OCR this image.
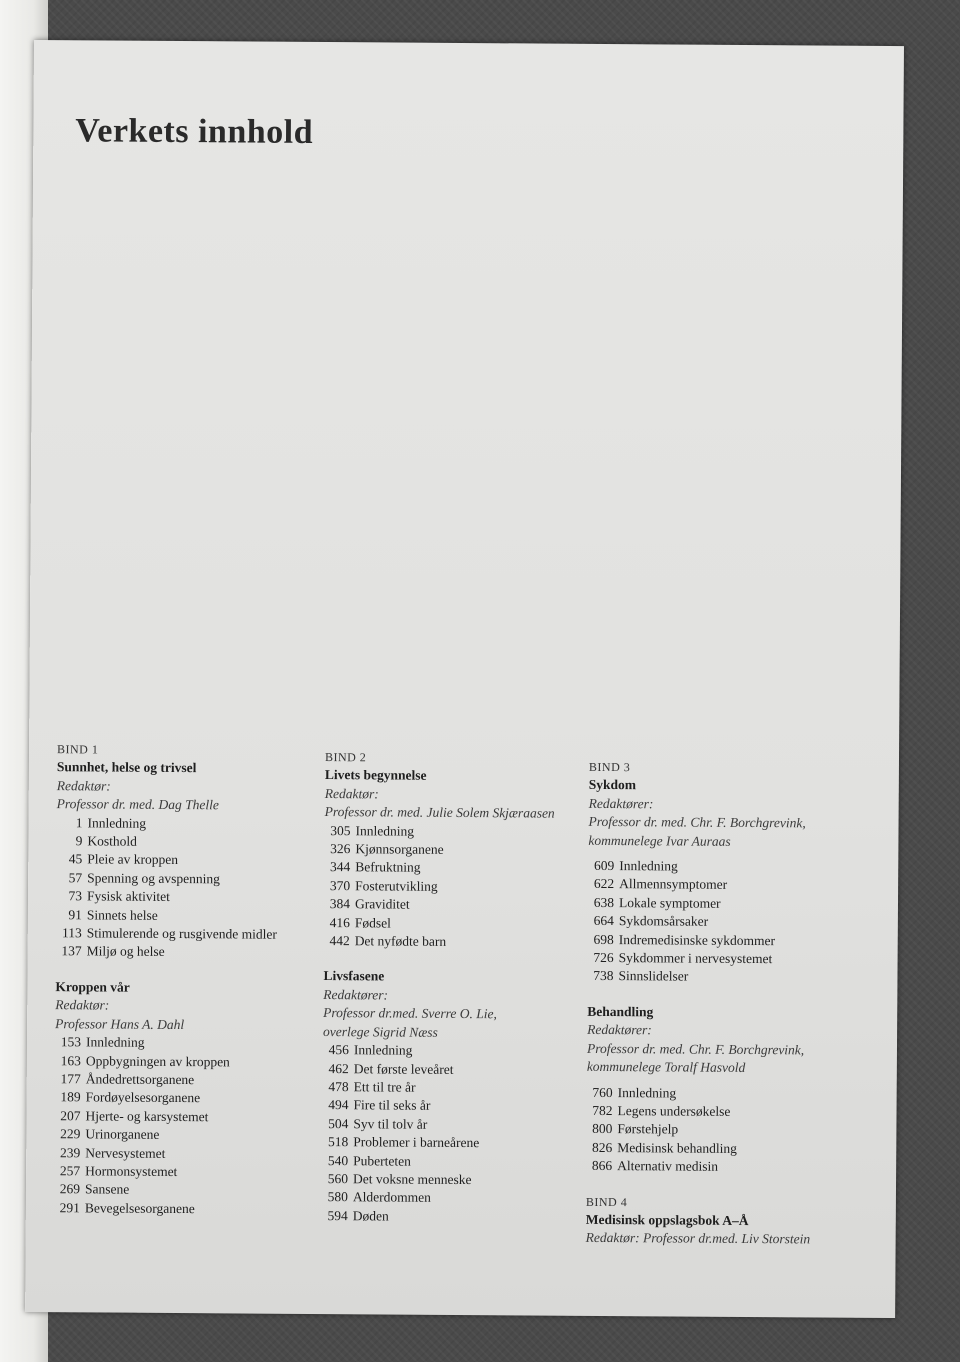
Verkets innhold
BIND 1
Sunnhet, helse og trivsel
Redaktør:
Professor dr. med. Dag Thelle
1 Innledning
9 Kosthold
45 Pleie av kroppen
57 Spenning og avspenning
73 Fysisk aktivitet
91 Sinnets helse
113 Stimulerende og rusgivende midler
137 Miljø og helse
Kroppen vår
Redaktør:
Professor Hans A. Dahl
153 Innledning
163 Oppbygningen av kroppen
177 Åndedrettsorganene
189 Fordøyelsesorganene
207 Hjerte- og karsystemet
229 Urinorganene
239 Nervesystemet
257 Hormonsystemet
269 Sansene
291 Bevegelsesorganene
BIND 2
Livets begynnelse
Redaktør:
Professor dr. med. Julie Solem Skjæraasen
305 Innledning
326 Kjønnsorganene
344 Befruktning
370 Fosterutvikling
384 Graviditet
416 Fødsel
442 Det nyfødte barn
Livsfasene
Redaktører:
Professor dr.med. Sverre O. Lie,
overlege Sigrid Næss
456 Innledning
462 Det første leveåret
478 Ett til tre år
494 Fire til seks år
504 Syv til tolv år
518 Problemer i barneårene
540 Puberteten
560 Det voksne menneske
580 Alderdommen
594 Døden
BIND 3
Sykdom
Redaktører:
Professor dr. med. Chr. F. Borchgrevink,
kommunelege Ivar Auraas
609 Innledning
622 Allmennsymptomer
638 Lokale symptomer
664 Sykdomsårsaker
698 Indremedisinske sykdommer
726 Sykdommer i nervesystemet
738 Sinnslidelser
Behandling
Redaktører:
Professor dr. med. Chr. F. Borchgrevink,
kommunelege Toralf Hasvold
760 Innledning
782 Legens undersøkelse
800 Førstehjelp
826 Medisinsk behandling
866 Alternativ medisin
BIND 4
Medisinsk oppslagsbok A–Å
Redaktør: Professor dr.med. Liv Storstein
